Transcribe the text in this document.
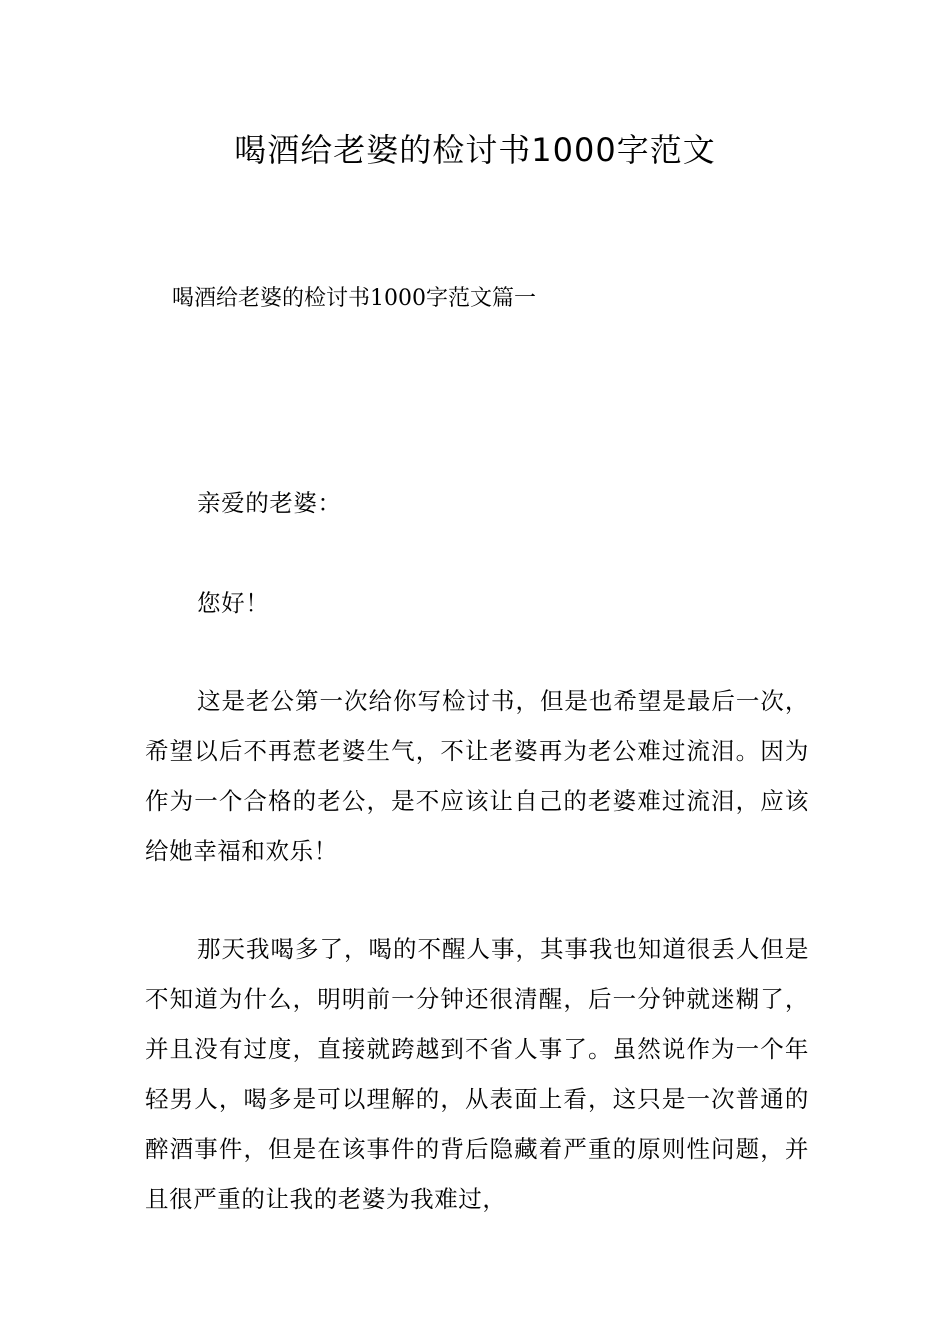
喝酒给老婆的检讨书1000字范文
喝酒给老婆的检讨书1000字范文篇一

亲爱的老婆：

您好！

这是老公第一次给你写检讨书，但是也希望是最后一次，希望以后不再惹老婆生气，不让老婆再为老公难过流泪。因为作为一个合格的老公，是不应该让自己的老婆难过流泪，应该给她幸福和欢乐！

那天我喝多了，喝的不醒人事，其事我也知道很丢人但是不知道为什么，明明前一分钟还很清醒，后一分钟就迷糊了，并且没有过度，直接就跨越到不省人事了。虽然说作为一个年轻男人，喝多是可以理解的，从表面上看，这只是一次普通的醉酒事件，但是在该事件的背后隐藏着严重的原则性问题，并且很严重的让我的老婆为我难过，
